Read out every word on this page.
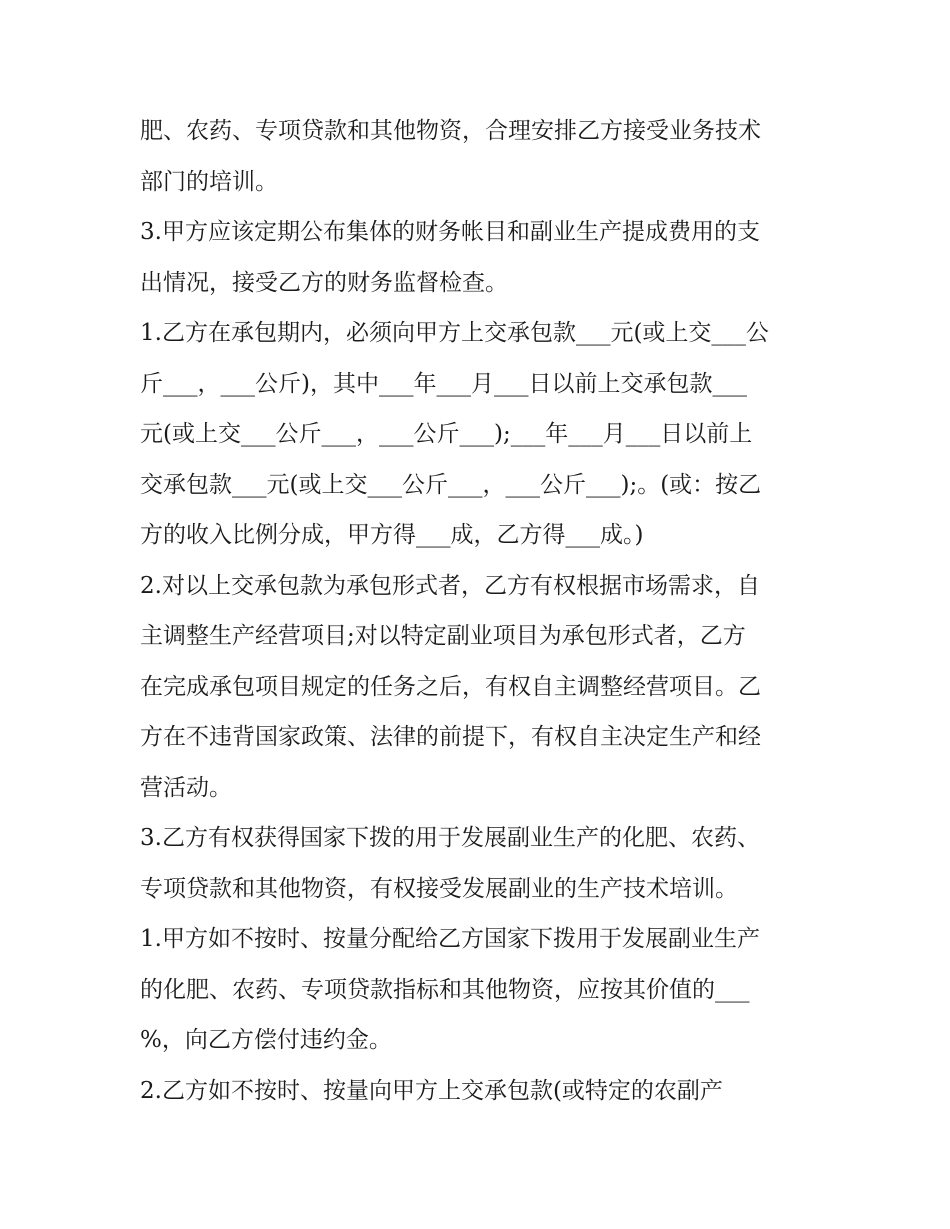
肥、农药、专项贷款和其他物资，合理安排乙方接受业务技术
部门的培训。
3.甲方应该定期公布集体的财务帐目和副业生产提成费用的支
出情况，接受乙方的财务监督检查。
1.乙方在承包期内，必须向甲方上交承包款___元(或上交___公
斤___，___公斤)，其中___年___月___日以前上交承包款___
元(或上交___公斤___，___公斤___);___年___月___日以前上
交承包款___元(或上交___公斤___，___公斤___);。(或：按乙
方的收入比例分成，甲方得___成，乙方得___成。)
2.对以上交承包款为承包形式者，乙方有权根据市场需求，自
主调整生产经营项目;对以特定副业项目为承包形式者，乙方
在完成承包项目规定的任务之后，有权自主调整经营项目。乙
方在不违背国家政策、法律的前提下，有权自主决定生产和经
营活动。
3.乙方有权获得国家下拨的用于发展副业生产的化肥、农药、
专项贷款和其他物资，有权接受发展副业的生产技术培训。
1.甲方如不按时、按量分配给乙方国家下拨用于发展副业生产
的化肥、农药、专项贷款指标和其他物资，应按其价值的___
%，向乙方偿付违约金。
2.乙方如不按时、按量向甲方上交承包款(或特定的农副产
